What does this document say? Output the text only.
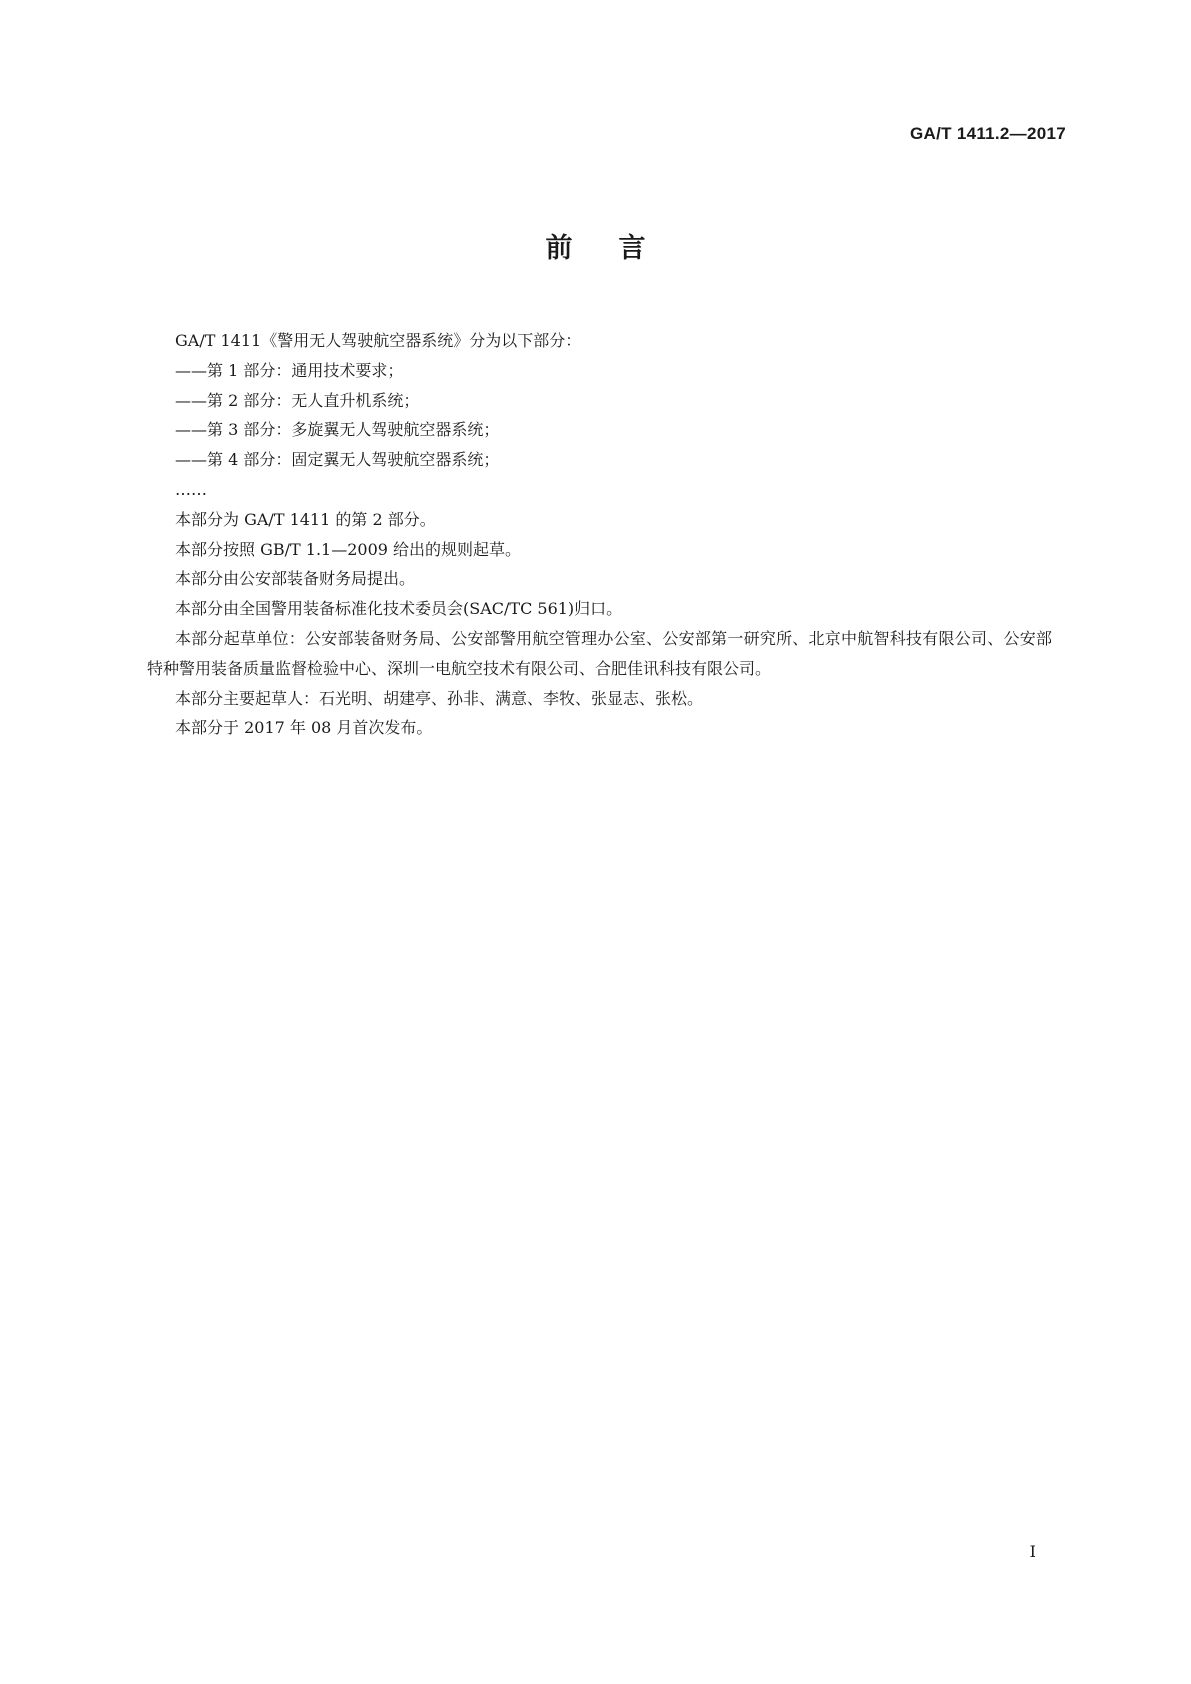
GA/T 1411.2—2017
前言

GA/T 1411《警用无人驾驶航空器系统》分为以下部分：

——第 1 部分：通用技术要求；

——第 2 部分：无人直升机系统；

——第 3 部分：多旋翼无人驾驶航空器系统；

——第 4 部分：固定翼无人驾驶航空器系统；

……

本部分为 GA/T 1411 的第 2 部分。

本部分按照 GB/T 1.1—2009 给出的规则起草。

本部分由公安部装备财务局提出。

本部分由全国警用装备标准化技术委员会(SAC/TC 561)归口。

本部分起草单位：公安部装备财务局、公安部警用航空管理办公室、公安部第一研究所、北京中航智科技有限公司、公安部特种警用装备质量监督检验中心、深圳一电航空技术有限公司、合肥佳讯科技有限公司。

本部分主要起草人：石光明、胡建亭、孙非、满意、李牧、张显志、张松。

本部分于 2017 年 08 月首次发布。

I
